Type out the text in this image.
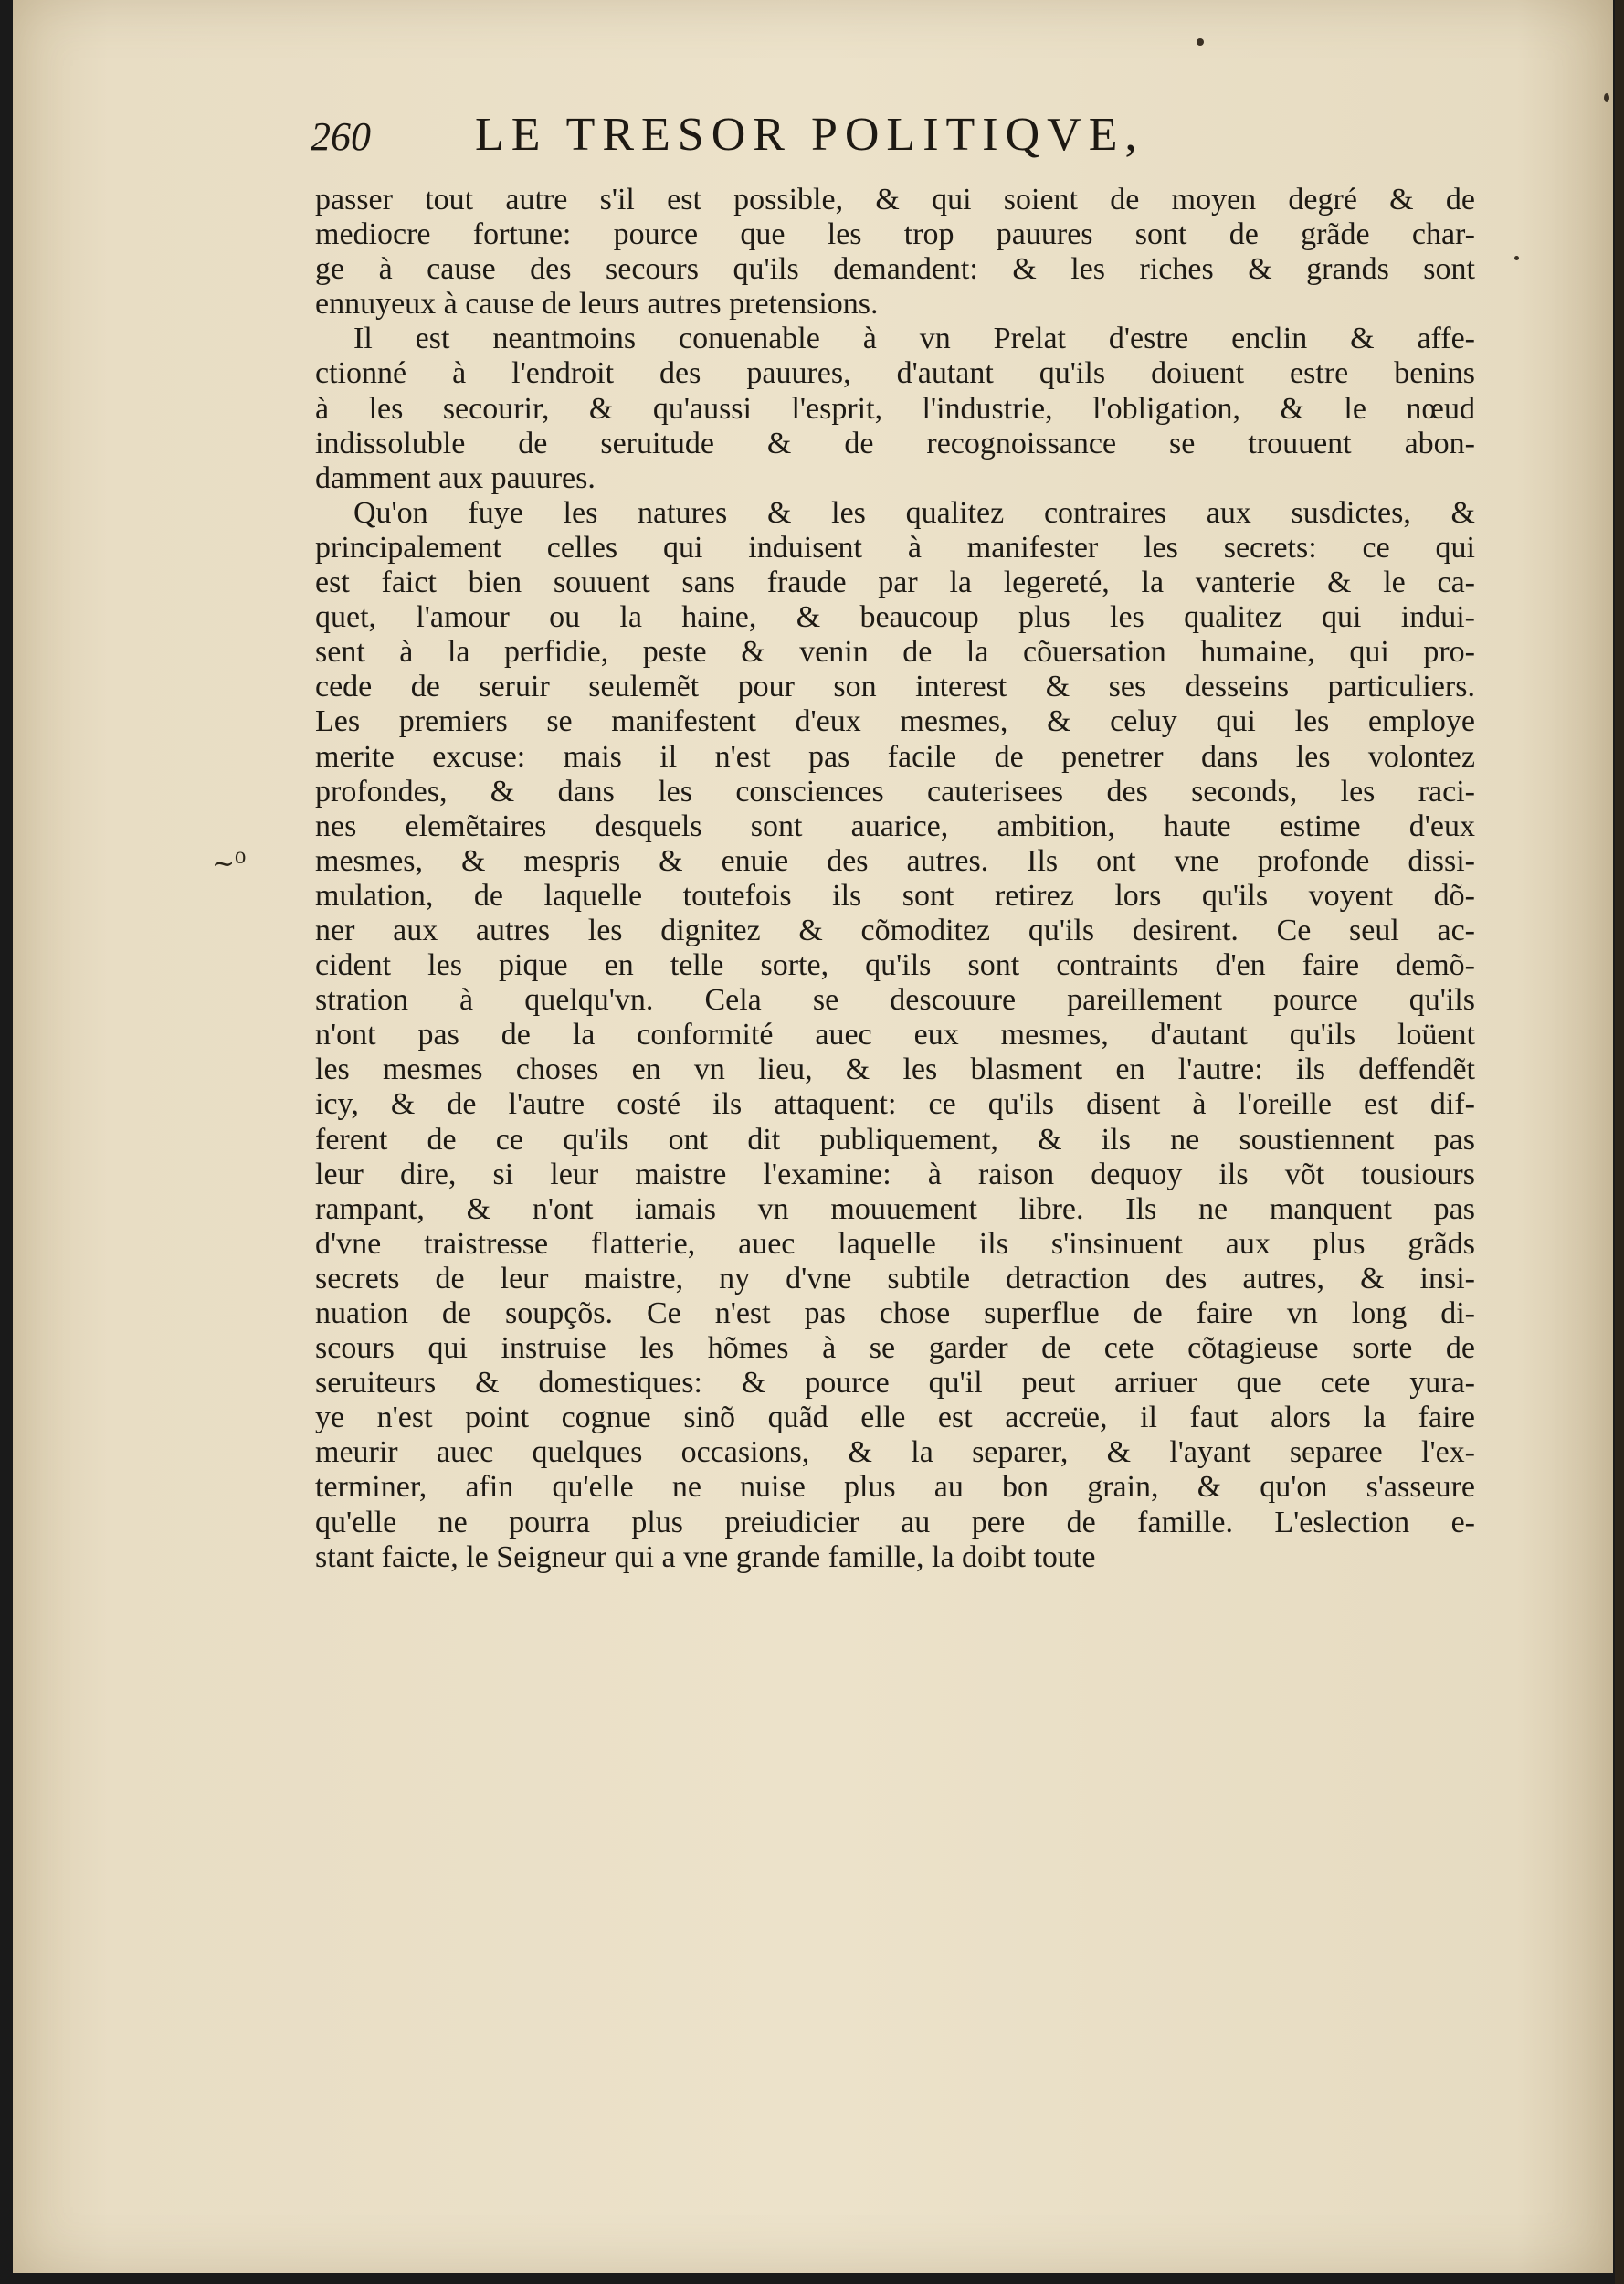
260 LE TRESOR POLITIQVE,
~⁰
passer tout autre s'il est possible, & qui soient de moyen degré & de
mediocre fortune: pource que les trop pauures sont de grãde char-
ge à cause des secours qu'ils demandent: & les riches & grands sont
ennuyeux à cause de leurs autres pretensions.
Il est neantmoins conuenable à vn Prelat d'estre enclin & affe-
ctionné à l'endroit des pauures, d'autant qu'ils doiuent estre benins
à les secourir, & qu'aussi l'esprit, l'industrie, l'obligation, & le nœud
indissoluble de seruitude & de recognoissance se trouuent abon-
damment aux pauures.
Qu'on fuye les natures & les qualitez contraires aux susdictes, &
principalement celles qui induisent à manifester les secrets: ce qui
est faict bien souuent sans fraude par la legereté, la vanterie & le ca-
quet, l'amour ou la haine, & beaucoup plus les qualitez qui indui-
sent à la perfidie, peste & venin de la cõuersation humaine, qui pro-
cede de seruir seulemẽt pour son interest & ses desseins particuliers.
Les premiers se manifestent d'eux mesmes, & celuy qui les employe
merite excuse: mais il n'est pas facile de penetrer dans les volontez
profondes, & dans les consciences cauterisees des seconds, les raci-
nes elemẽtaires desquels sont auarice, ambition, haute estime d'eux
mesmes, & mespris & enuie des autres. Ils ont vne profonde dissi-
mulation, de laquelle toutefois ils sont retirez lors qu'ils voyent dõ-
ner aux autres les dignitez & cõmoditez qu'ils desirent. Ce seul ac-
cident les pique en telle sorte, qu'ils sont contraints d'en faire demõ-
stration à quelqu'vn. Cela se descouure pareillement pource qu'ils
n'ont pas de la conformité auec eux mesmes, d'autant qu'ils loüent
les mesmes choses en vn lieu, & les blasment en l'autre: ils deffendẽt
icy, & de l'autre costé ils attaquent: ce qu'ils disent à l'oreille est dif-
ferent de ce qu'ils ont dit publiquement, & ils ne soustiennent pas
leur dire, si leur maistre l'examine: à raison dequoy ils võt tousiours
rampant, & n'ont iamais vn mouuement libre. Ils ne manquent pas
d'vne traistresse flatterie, auec laquelle ils s'insinuent aux plus grãds
secrets de leur maistre, ny d'vne subtile detraction des autres, & insi-
nuation de soupçõs. Ce n'est pas chose superflue de faire vn long di-
scours qui instruise les hõmes à se garder de cete cõtagieuse sorte de
seruiteurs & domestiques: & pource qu'il peut arriuer que cete yura-
ye n'est point cognue sinõ quãd elle est accreüe, il faut alors la faire
meurir auec quelques occasions, & la separer, & l'ayant separee l'ex-
terminer, afin qu'elle ne nuise plus au bon grain, & qu'on s'asseure
qu'elle ne pourra plus preiudicier au pere de famille. L'eslection e-
stant faicte, le Seigneur qui a vne grande famille, la doibt toute
